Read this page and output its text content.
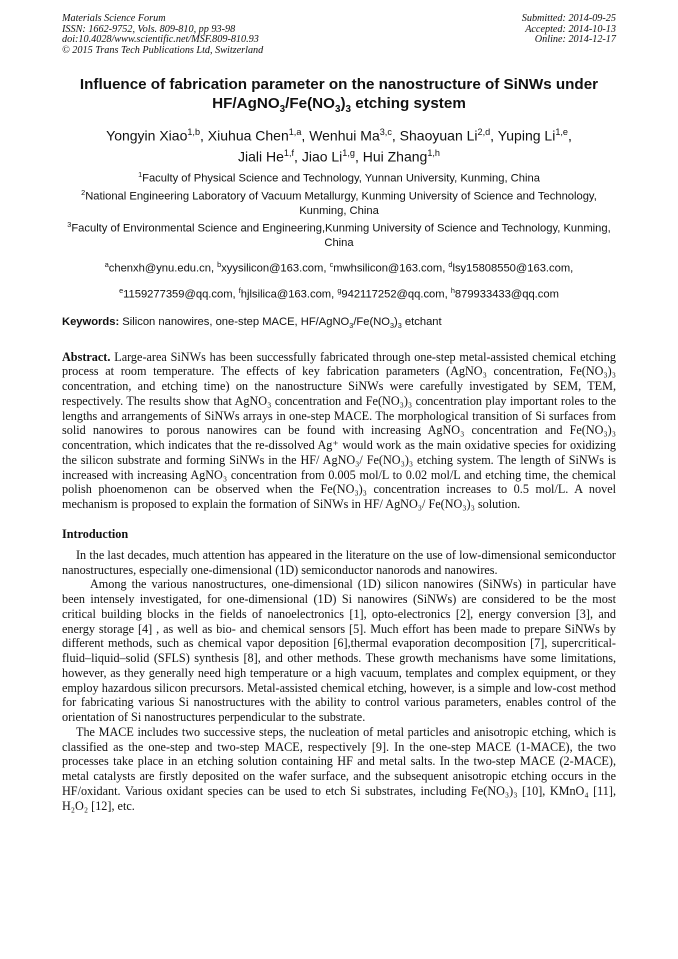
Materials Science Forum
ISSN: 1662-9752, Vols. 809-810, pp 93-98
doi:10.4028/www.scientific.net/MSF.809-810.93
© 2015 Trans Tech Publications Ltd, Switzerland
Submitted: 2014-09-25
Accepted: 2014-10-13
Online: 2014-12-17
Influence of fabrication parameter on the nanostructure of SiNWs under
$HF/AgNO_3/Fe(NO_3)_3$ etching system
Yongyin Xiao$^{1,b}$, Xiuhua Chen$^{1,a}$, Wenhui Ma$^{3,c}$, Shaoyuan Li$^{2,d}$, Yuping Li$^{1,e}$,
Jiali He$^{1,f}$, Jiao Li$^{1,g}$, Hui Zhang$^{1,h}$
$^1$Faculty of Physical Science and Technology, Yunnan University, Kunming, China
$^2$National Engineering Laboratory of Vacuum Metallurgy, Kunming University of Science and Technology, Kunming, China
$^3$Faculty of Environmental Science and Engineering,Kunming University of Science and Technology, Kunming, China
$^a$chenxh@ynu.edu.cn, $^b$xyysilicon@163.com, $^c$mwhsilicon@163.com, $^d$lsy15808550@163.com,
$^e$1159277359@qq.com, $^f$hjlsilica@163.com, $^g$942117252@qq.com, $^h$879933433@qq.com
Keywords: Silicon nanowires, one-step MACE, $HF/AgNO_3/Fe(NO_3)_3$ etchant

Abstract. Large-area SiNWs has been successfully fabricated through one-step metal-assisted chemical etching process at room temperature. The effects of key fabrication parameters (AgNO₃ concentration, Fe(NO₃)₃ concentration, and etching time) on the nanostructure SiNWs were carefully investigated by SEM, TEM, respectively. The results show that AgNO₃ concentration and Fe(NO₃)₃ concentration play important roles to the lengths and arrangements of SiNWs arrays in one-step MACE. The morphological transition of Si surfaces from solid nanowires to porous nanowires can be found with increasing AgNO₃ concentration and Fe(NO₃)₃ concentration, which indicates that the re-dissolved Ag⁺ would work as the main oxidative species for oxidizing the silicon substrate and forming SiNWs in the HF/ AgNO₃/ Fe(NO₃)₃ etching system. The length of SiNWs is increased with increasing AgNO₃ concentration from 0.005 mol/L to 0.02 mol/L and etching time, the chemical polish phoenomenon can be observed when the Fe(NO₃)₃ concentration increases to 0.5 mol/L. A novel mechanism is proposed to explain the formation of SiNWs in HF/ AgNO₃/ Fe(NO₃)₃ solution.

Introduction

In the last decades, much attention has appeared in the literature on the use of low-dimensional semiconductor nanostructures, especially one-dimensional (1D) semiconductor nanorods and nanowires.

Among the various nanostructures, one-dimensional (1D) silicon nanowires (SiNWs) in particular have been intensely investigated, for one-dimensional (1D) Si nanowires (SiNWs) are considered to be the most critical building blocks in the fields of nanoelectronics [1], opto-electronics [2], energy conversion [3], and energy storage [4] , as well as bio- and chemical sensors [5]. Much effort has been made to prepare SiNWs by different methods, such as chemical vapor deposition [6],thermal evaporation decomposition [7], supercritical-fluid–liquid–solid (SFLS) synthesis [8], and other methods. These growth mechanisms have some limitations, however, as they generally need high temperature or a high vacuum, templates and complex equipment, or they employ hazardous silicon precursors. Metal-assisted chemical etching, however, is a simple and low-cost method for fabricating various Si nanostructures with the ability to control various parameters, enables control of the orientation of Si nanostructures perpendicular to the substrate.

The MACE includes two successive steps, the nucleation of metal particles and anisotropic etching, which is classified as the one-step and two-step MACE, respectively [9]. In the one-step MACE (1-MACE), the two processes take place in an etching solution containing HF and metal salts. In the two-step MACE (2-MACE), metal catalysts are firstly deposited on the wafer surface, and the subsequent anisotropic etching occurs in the HF/oxidant. Various oxidant species can be used to etch Si substrates, including Fe(NO₃)₃ [10], KMnO₄ [11], H₂O₂ [12], etc.
